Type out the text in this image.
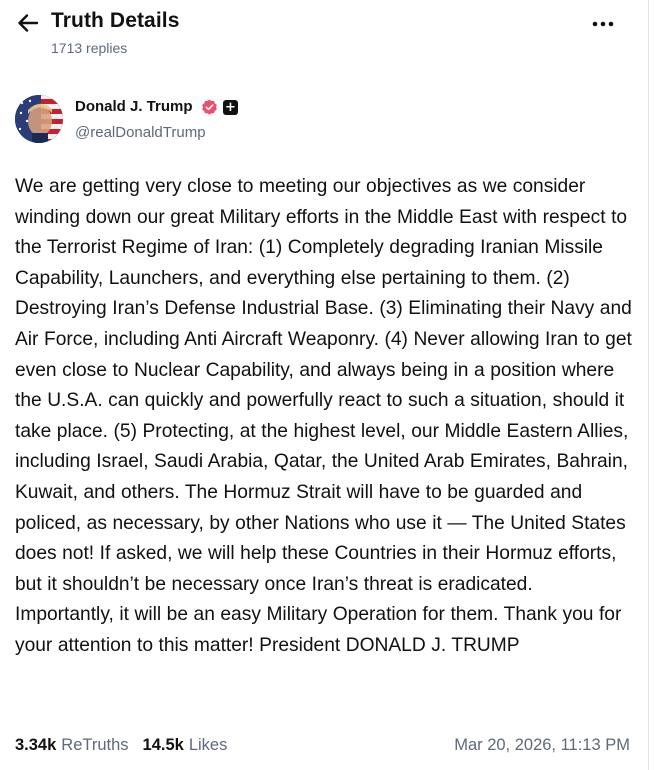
Truth Details
1713 replies
Donald J. Trump	+
@realDonaldTrump

We are getting very close to meeting our objectives as we consider winding down our great Military efforts in the Middle East with respect to the Terrorist Regime of Iran: (1) Completely degrading Iranian Missile Capability, Launchers, and everything else pertaining to them. (2) Destroying Iran’s Defense Industrial Base. (3) Eliminating their Navy and Air Force, including Anti Aircraft Weaponry. (4) Never allowing Iran to get even close to Nuclear Capability, and always being in a position where the U.S.A. can quickly and powerfully react to such a situation, should it take place. (5) Protecting, at the highest level, our Middle Eastern Allies, including Israel, Saudi Arabia, Qatar, the United Arab Emirates, Bahrain, Kuwait, and others. The Hormuz Strait will have to be guarded and policed, as necessary, by other Nations who use it — The United States does not! If asked, we will help these Countries in their Hormuz efforts, but it shouldn’t be necessary once Iran’s threat is eradicated. Importantly, it will be an easy Military Operation for them. Thank you for your attention to this matter! President DONALD J. TRUMP

3.34k ReTruths 14.5k Likes	Mar 20, 2026, 11:13 PM
